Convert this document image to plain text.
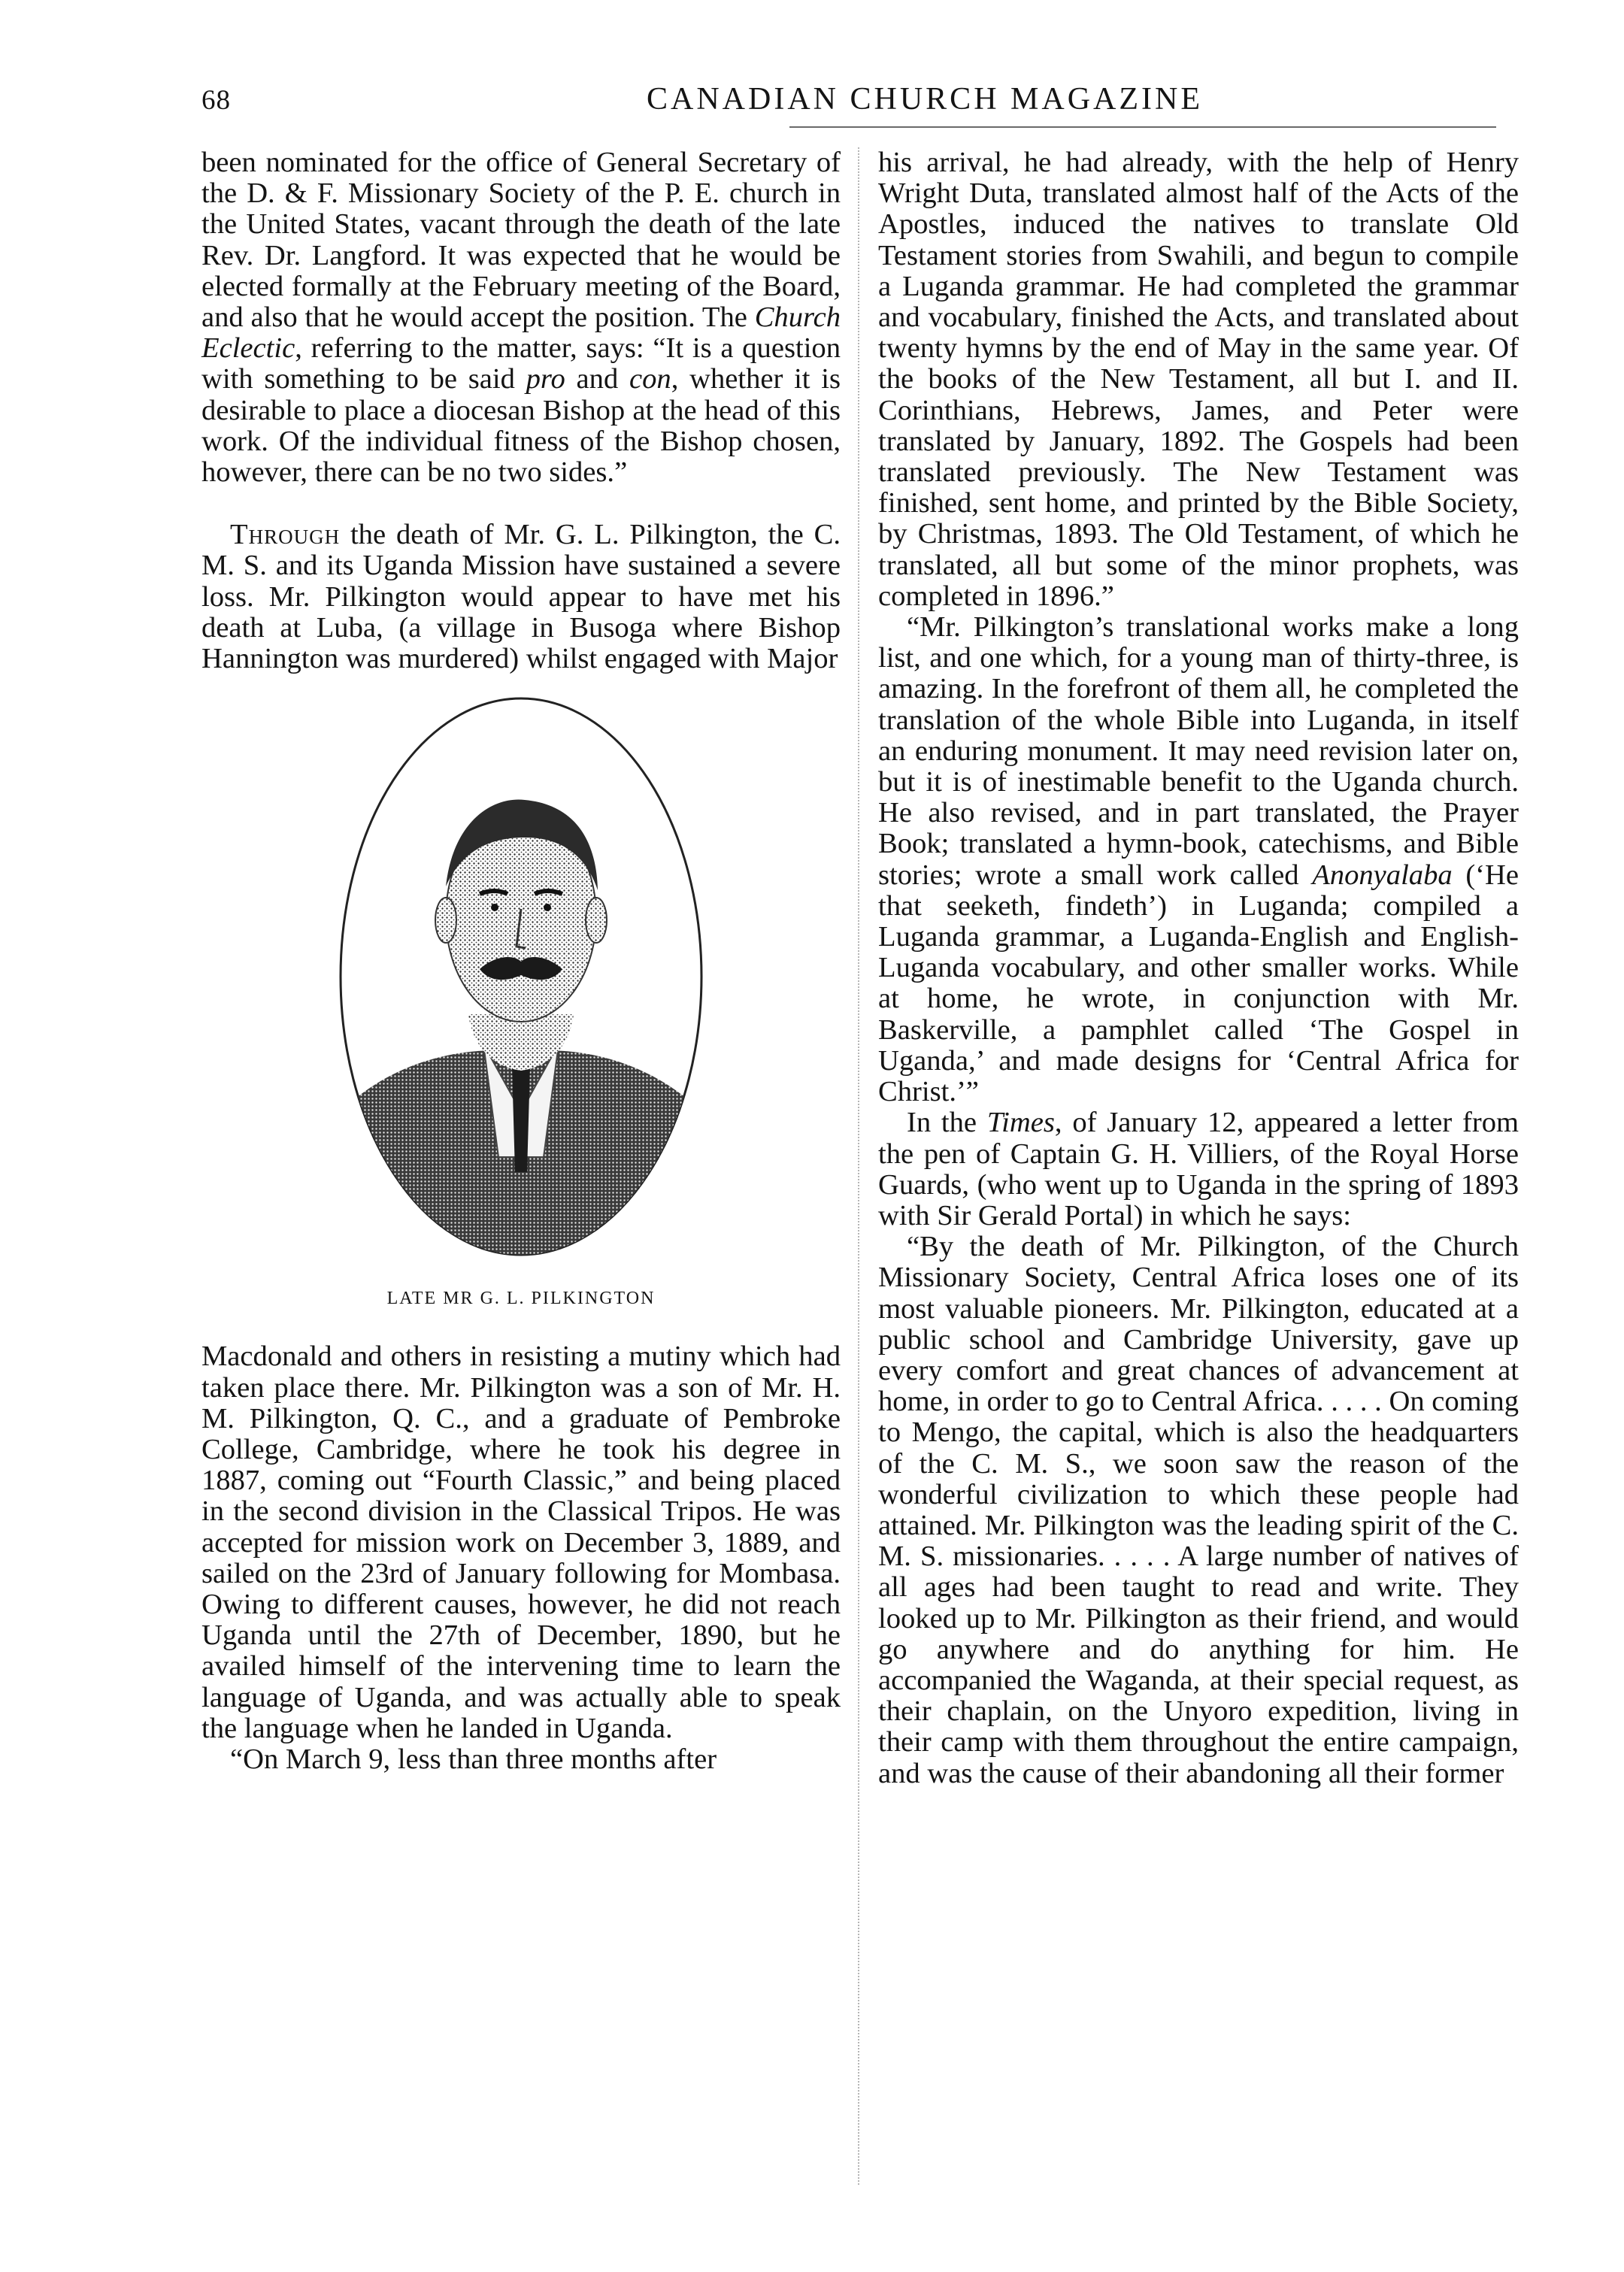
68	CANADIAN CHURCH MAGAZINE

been nominated for the office of General Secretary of the D. & F. Missionary Society of the P. E. church in the United States, vacant through the death of the late Rev. Dr. Langford. It was expected that he would be elected formally at the February meeting of the Board, and also that he would accept the position. The Church Eclectic, referring to the matter, says: “It is a question with something to be said pro and con, whether it is desirable to place a diocesan Bishop at the head of this work. Of the individual fitness of the Bishop chosen, however, there can be no two sides.”

Through the death of Mr. G. L. Pilkington, the C. M. S. and its Uganda Mission have sustained a severe loss. Mr. Pilkington would appear to have met his death at Luba, (a village in Busoga where Bishop Hannington was murdered) whilst engaged with Major

LATE MR G. L. PILKINGTON

Macdonald and others in resisting a mutiny which had taken place there. Mr. Pilkington was a son of Mr. H. M. Pilkington, Q. C., and a graduate of Pembroke College, Cambridge, where he took his degree in 1887, coming out “Fourth Classic,” and being placed in the second division in the Classical Tripos. He was accepted for mission work on December 3, 1889, and sailed on the 23rd of January following for Mombasa. Owing to different causes, however, he did not reach Uganda until the 27th of December, 1890, but he availed himself of the intervening time to learn the language of Uganda, and was actually able to speak the language when he landed in Uganda.

“On March 9, less than three months after

his arrival, he had already, with the help of Henry Wright Duta, translated almost half of the Acts of the Apostles, induced the natives to translate Old Testament stories from Swahili, and begun to compile a Luganda grammar. He had completed the grammar and vocabulary, finished the Acts, and translated about twenty hymns by the end of May in the same year. Of the books of the New Testament, all but I. and II. Corinthians, Hebrews, James, and Peter were translated by January, 1892. The Gospels had been translated previously. The New Testament was finished, sent home, and printed by the Bible Society, by Christmas, 1893. The Old Testament, of which he translated, all but some of the minor prophets, was completed in 1896.”

“Mr. Pilkington’s translational works make a long list, and one which, for a young man of thirty-three, is amazing. In the forefront of them all, he completed the translation of the whole Bible into Luganda, in itself an enduring monument. It may need revision later on, but it is of inestimable benefit to the Uganda church. He also revised, and in part translated, the Prayer Book; translated a hymn-book, catechisms, and Bible stories; wrote a small work called Anonyalaba (‘He that seeketh, findeth’) in Luganda; compiled a Luganda grammar, a Luganda-English and English-Luganda vocabulary, and other smaller works. While at home, he wrote, in conjunction with Mr. Baskerville, a pamphlet called ‘The Gospel in Uganda,’ and made designs for ‘Central Africa for Christ.’”

In the Times, of January 12, appeared a letter from the pen of Captain G. H. Villiers, of the Royal Horse Guards, (who went up to Uganda in the spring of 1893 with Sir Gerald Portal) in which he says:

“By the death of Mr. Pilkington, of the Church Missionary Society, Central Africa loses one of its most valuable pioneers. Mr. Pilkington, educated at a public school and Cambridge University, gave up every comfort and great chances of advancement at home, in order to go to Central Africa. . . . . On coming to Mengo, the capital, which is also the headquarters of the C. M. S., we soon saw the reason of the wonderful civilization to which these people had attained. Mr. Pilkington was the leading spirit of the C. M. S. missionaries. . . . . A large number of natives of all ages had been taught to read and write. They looked up to Mr. Pilkington as their friend, and would go anywhere and do anything for him. He accompanied the Waganda, at their special request, as their chaplain, on the Unyoro expedition, living in their camp with them throughout the entire campaign, and was the cause of their abandoning all their former
